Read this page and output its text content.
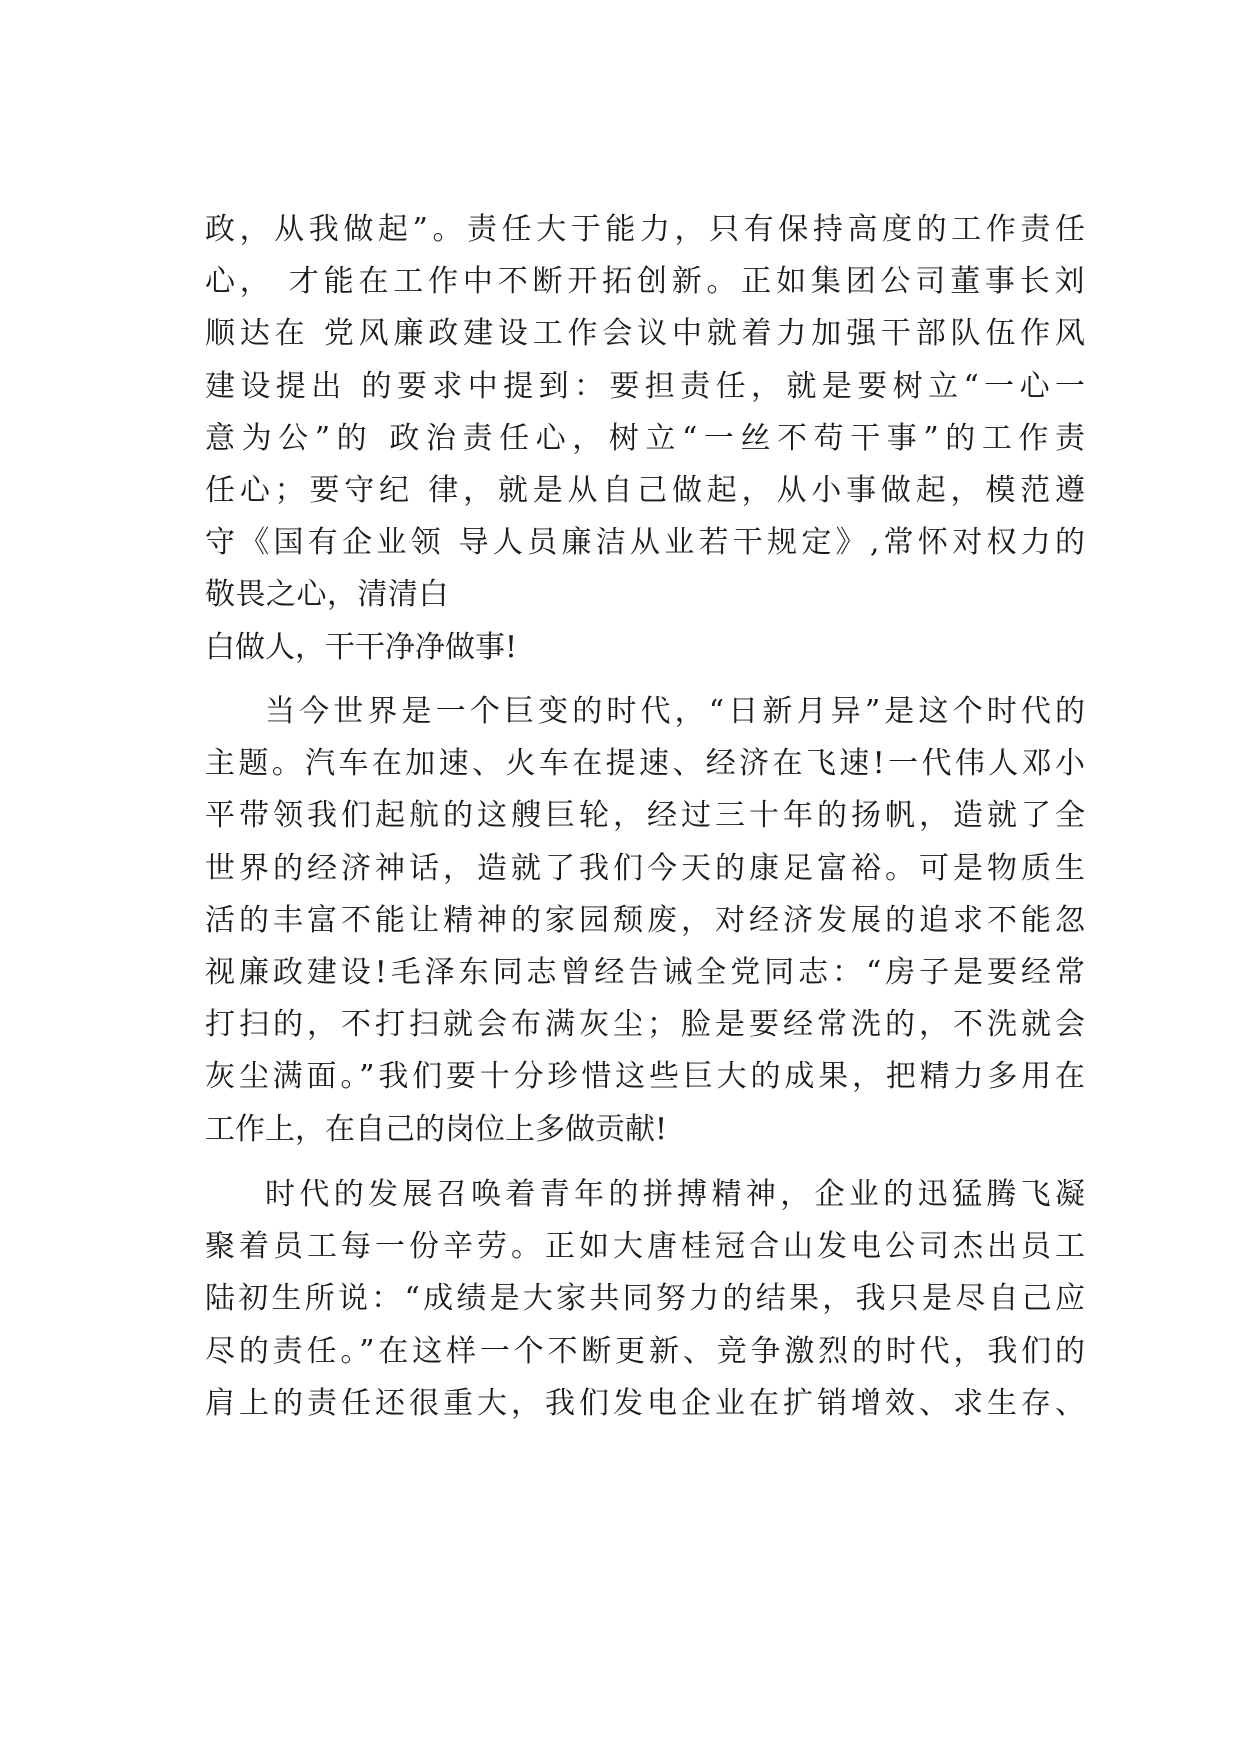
政，从我做起”。责任大于能力，只有保持高度的工作责任
心， 才能在工作中不断开拓创新。正如集团公司董事长刘
顺达在 党风廉政建设工作会议中就着力加强干部队伍作风
建设提出 的要求中提到：要担责任，就是要树立“一心一
意为公”的 政治责任心，树立“一丝不苟干事”的工作责
任心；要守纪 律，就是从自己做起，从小事做起，模范遵
守《国有企业领 导人员廉洁从业若干规定》,常怀对权力的
敬畏之心，清清白
白做人，干干净净做事!
当今世界是一个巨变的时代，“日新月异”是这个时代的
主题。汽车在加速、火车在提速、经济在飞速!一代伟人邓小
平带领我们起航的这艘巨轮，经过三十年的扬帆，造就了全
世界的经济神话，造就了我们今天的康足富裕。可是物质生
活的丰富不能让精神的家园颓废，对经济发展的追求不能忽
视廉政建设!毛泽东同志曾经告诫全党同志：“房子是要经常
打扫的，不打扫就会布满灰尘；脸是要经常洗的，不洗就会
灰尘满面。”我们要十分珍惜这些巨大的成果，把精力多用在
工作上，在自己的岗位上多做贡献!
时代的发展召唤着青年的拼搏精神，企业的迅猛腾飞凝
聚着员工每一份辛劳。正如大唐桂冠合山发电公司杰出员工
陆初生所说：“成绩是大家共同努力的结果，我只是尽自己应
尽的责任。”在这样一个不断更新、竞争激烈的时代，我们的
肩上的责任还很重大，我们发电企业在扩销增效、求生存、
